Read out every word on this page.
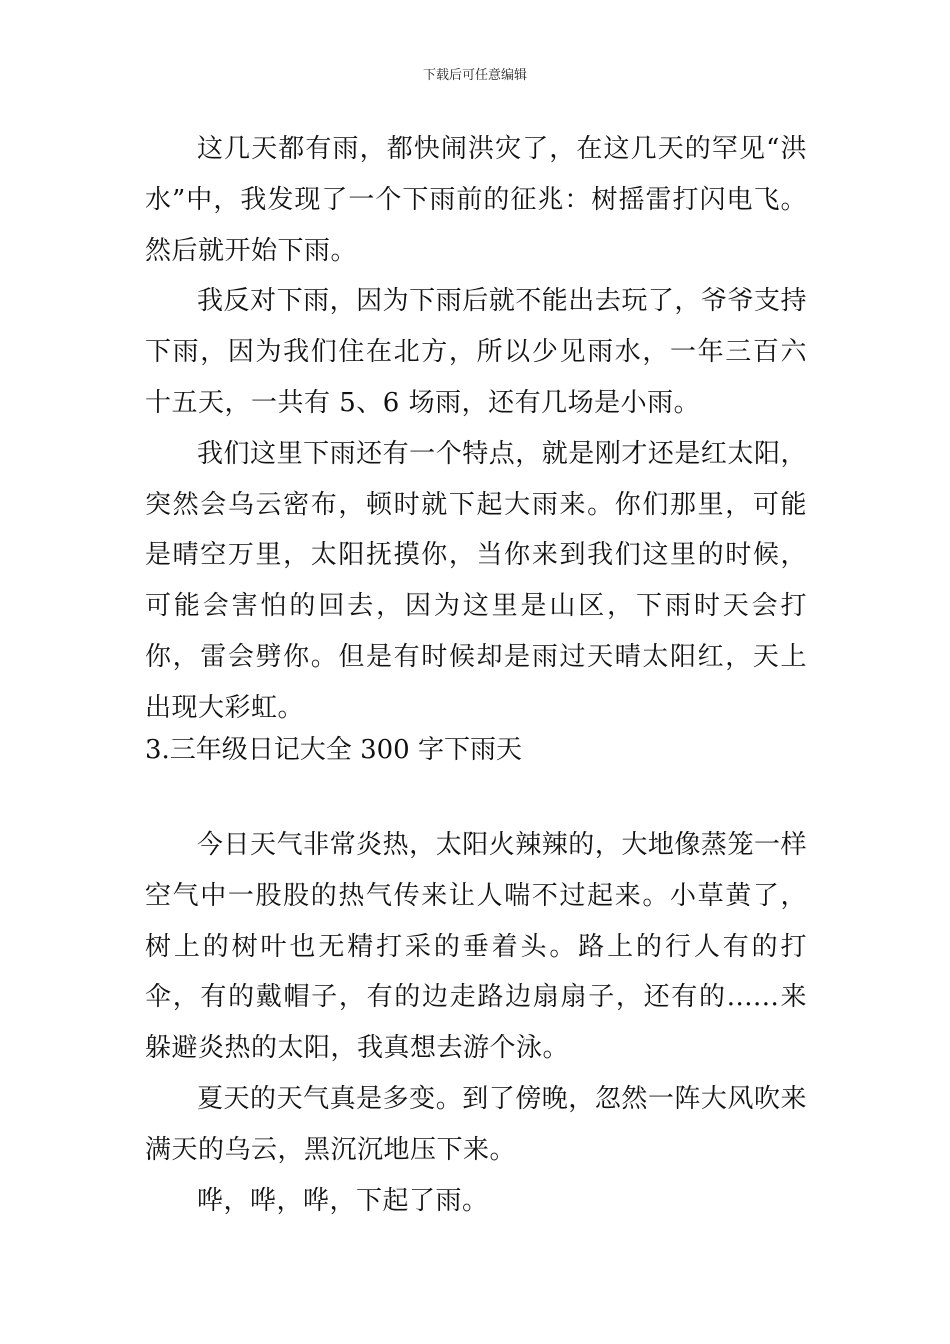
下载后可任意编辑

这几天都有雨，都快闹洪灾了，在这几天的罕见“洪水”中，我发现了一个下雨前的征兆：树摇雷打闪电飞。然后就开始下雨。

我反对下雨，因为下雨后就不能出去玩了，爷爷支持下雨，因为我们住在北方，所以少见雨水，一年三百六十五天，一共有 5、6 场雨，还有几场是小雨。

我们这里下雨还有一个特点，就是刚才还是红太阳，突然会乌云密布，顿时就下起大雨来。你们那里，可能是晴空万里，太阳抚摸你，当你来到我们这里的时候，可能会害怕的回去，因为这里是山区，下雨时天会打你，雷会劈你。但是有时候却是雨过天晴太阳红，天上出现大彩虹。

3.三年级日记大全 300 字下雨天

今日天气非常炎热，太阳火辣辣的，大地像蒸笼一样空气中一股股的热气传来让人喘不过起来。小草黄了，树上的树叶也无精打采的垂着头。路上的行人有的打伞，有的戴帽子，有的边走路边扇扇子，还有的......来躲避炎热的太阳，我真想去游个泳。

夏天的天气真是多变。到了傍晚，忽然一阵大风吹来满天的乌云，黑沉沉地压下来。

哗，哗，哗，下起了雨。
